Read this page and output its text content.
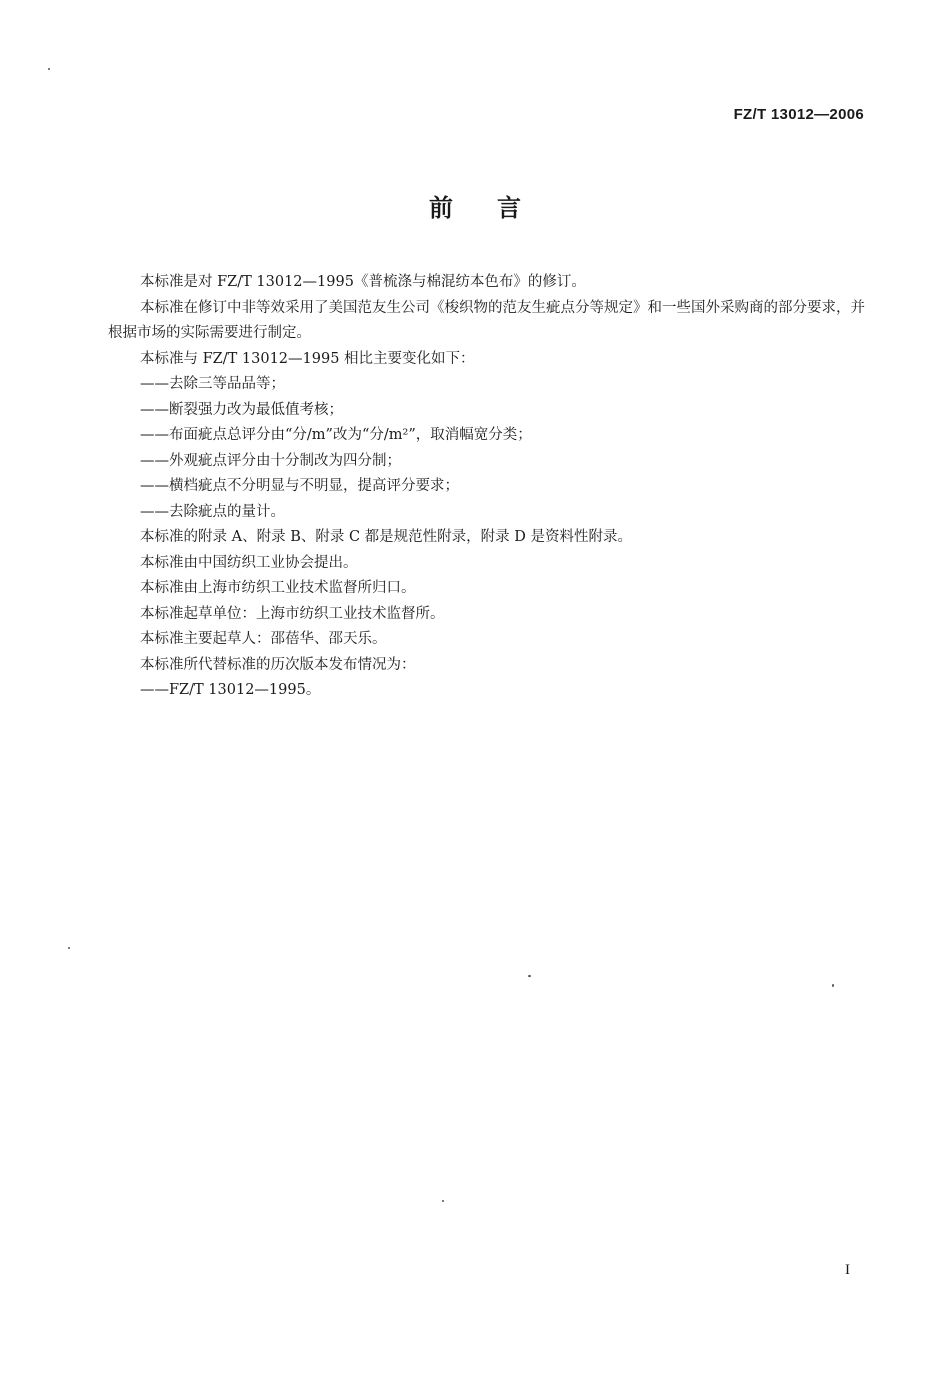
FZ/T 13012—2006
前言

本标准是对 FZ/T 13012—1995《普梳涤与棉混纺本色布》的修订。

本标准在修订中非等效采用了美国范友生公司《梭织物的范友生疵点分等规定》和一些国外采购商的部分要求，并根据市场的实际需要进行制定。

本标准与 FZ/T 13012—1995 相比主要变化如下：

——去除三等品品等；

——断裂强力改为最低值考核；

——布面疵点总评分由“分/m”改为“分/m²”，取消幅宽分类；

——外观疵点评分由十分制改为四分制；

——横档疵点不分明显与不明显，提高评分要求；

——去除疵点的量计。

本标准的附录 A、附录 B、附录 C 都是规范性附录，附录 D 是资料性附录。

本标准由中国纺织工业协会提出。

本标准由上海市纺织工业技术监督所归口。

本标准起草单位：上海市纺织工业技术监督所。

本标准主要起草人：邵蓓华、邵天乐。

本标准所代替标准的历次版本发布情况为：

——FZ/T 13012—1995。

I
